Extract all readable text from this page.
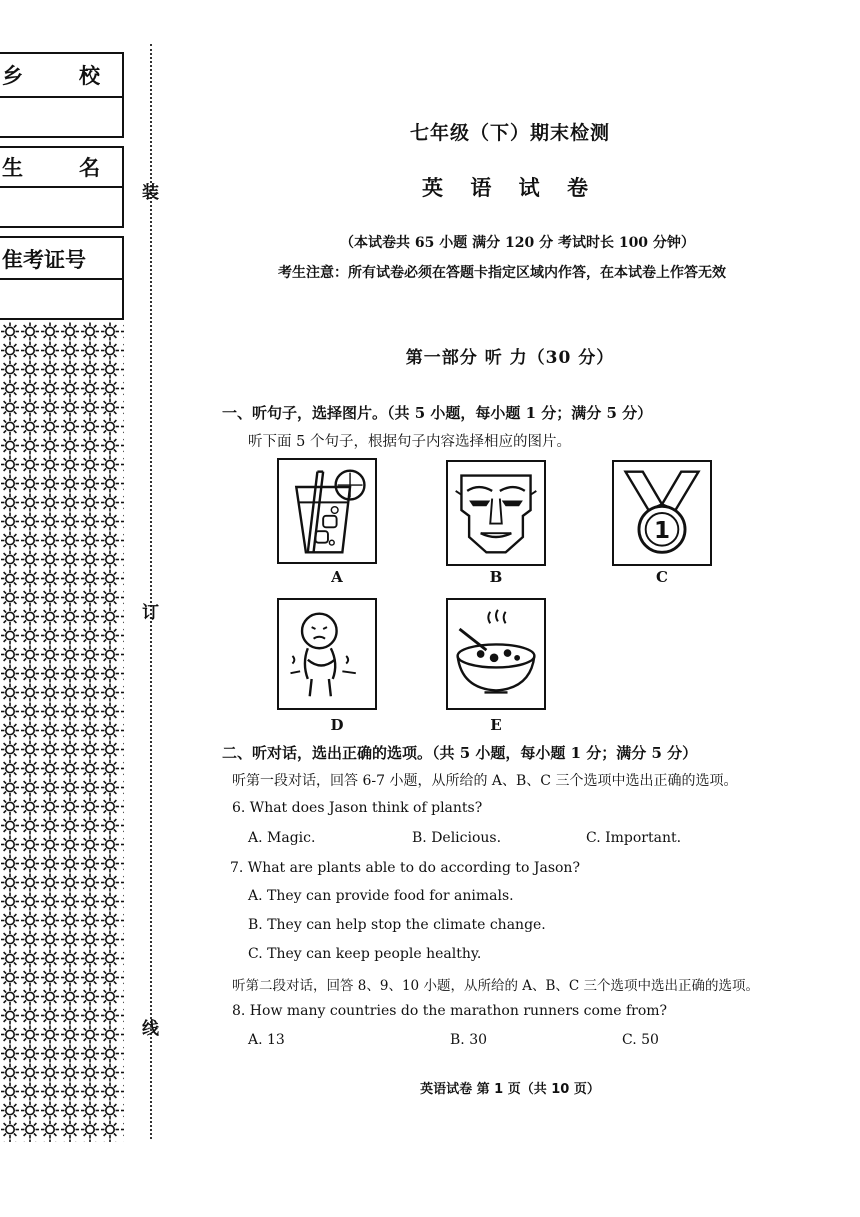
乡	校
生	名
隹考证号
装
订
线
七年级（下）期末检测
英 语 试 卷
（本试卷共 65 小题 满分 120 分 考试时长 100 分钟）
考生注意：所有试卷必须在答题卡指定区域内作答，在本试卷上作答无效
第一部分 听 力（30 分）
一、听句子，选择图片。（共 5 小题，每小题 1 分；满分 5 分）
听下面 5 个句子，根据句子内容选择相应的图片。
A	B
1
C
D	E
二、听对话，选出正确的选项。（共 5 小题，每小题 1 分；满分 5 分）
听第一段对话，回答 6-7 小题，从所给的 A、B、C 三个选项中选出正确的选项。
6. What does Jason think of plants?
A. Magic.	B. Delicious.	C. Important.
7. What are plants able to do according to Jason?
A. They can provide food for animals.
B. They can help stop the climate change.
C. They can keep people healthy.
听第二段对话，回答 8、9、10 小题，从所给的 A、B、C 三个选项中选出正确的选项。
8. How many countries do the marathon runners come from?
A. 13	B. 30	C. 50
英语试卷 第 1 页（共 10 页）
